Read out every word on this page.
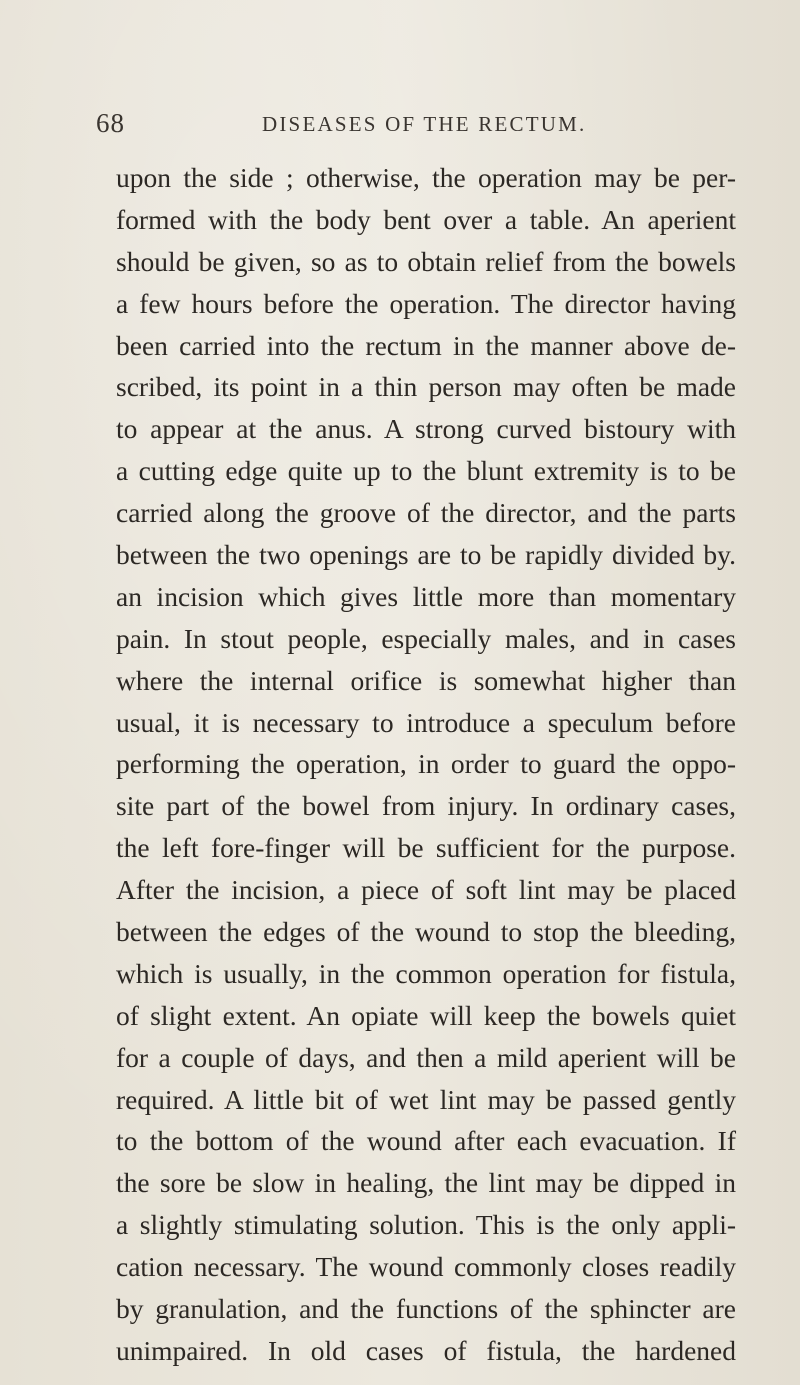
68	DISEASES OF THE RECTUM.
upon the side ; otherwise, the operation may be per-
formed with the body bent over a table. An aperient
should be given, so as to obtain relief from the bowels
a few hours before the operation. The director having
been carried into the rectum in the manner above de-
scribed, its point in a thin person may often be made
to appear at the anus. A strong curved bistoury with
a cutting edge quite up to the blunt extremity is to be
carried along the groove of the director, and the parts
between the two openings are to be rapidly divided by.
an incision which gives little more than momentary
pain. In stout people, especially males, and in cases
where the internal orifice is somewhat higher than
usual, it is necessary to introduce a speculum before
performing the operation, in order to guard the oppo-
site part of the bowel from injury. In ordinary cases,
the left fore-finger will be sufficient for the purpose.
After the incision, a piece of soft lint may be placed
between the edges of the wound to stop the bleeding,
which is usually, in the common operation for fistula,
of slight extent. An opiate will keep the bowels quiet
for a couple of days, and then a mild aperient will be
required. A little bit of wet lint may be passed gently
to the bottom of the wound after each evacuation. If
the sore be slow in healing, the lint may be dipped in
a slightly stimulating solution. This is the only appli-
cation necessary. The wound commonly closes readily
by granulation, and the functions of the sphincter are
unimpaired. In old cases of fistula, the hardened
